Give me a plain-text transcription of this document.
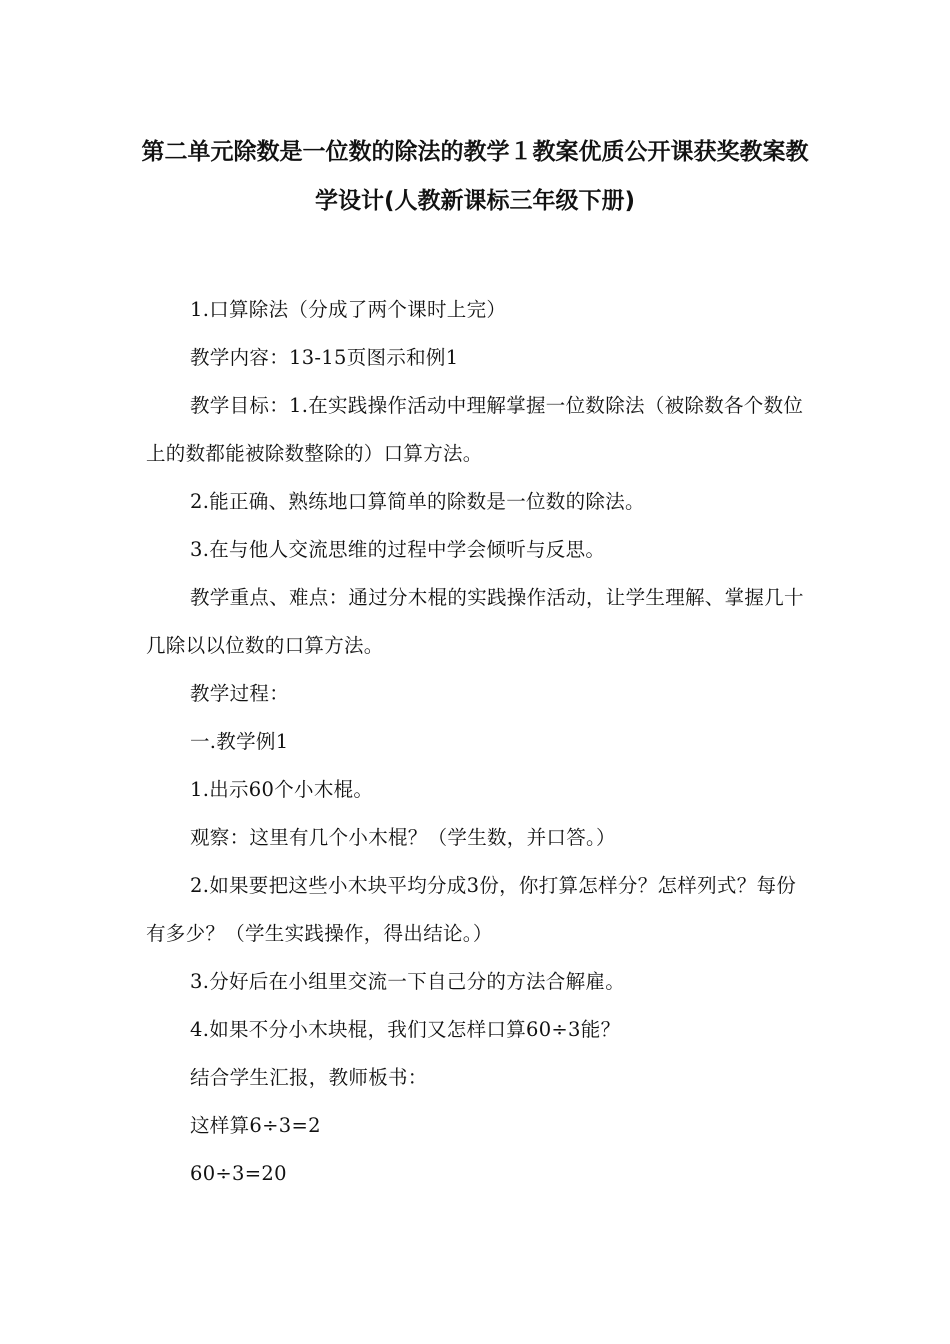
第二单元除数是一位数的除法的教学１教案优质公开课获奖教案教
学设计(人教新课标三年级下册)

1.口算除法（分成了两个课时上完）

教学内容：13-15页图示和例1

教学目标：1.在实践操作活动中理解掌握一位数除法（被除数各个数位上的数都能被除数整除的）口算方法。

2.能正确、熟练地口算简单的除数是一位数的除法。

3.在与他人交流思维的过程中学会倾听与反思。

教学重点、难点：通过分木棍的实践操作活动，让学生理解、掌握几十几除以以位数的口算方法。

教学过程：

一.教学例1

1.出示60个小木棍。

观察：这里有几个小木棍？（学生数，并口答。）

2.如果要把这些小木块平均分成3份，你打算怎样分？怎样列式？每份有多少？（学生实践操作，得出结论。）

3.分好后在小组里交流一下自己分的方法合解雇。

4.如果不分小木块棍，我们又怎样口算60÷3能？

结合学生汇报，教师板书：

这样算6÷3=2

60÷3=20
